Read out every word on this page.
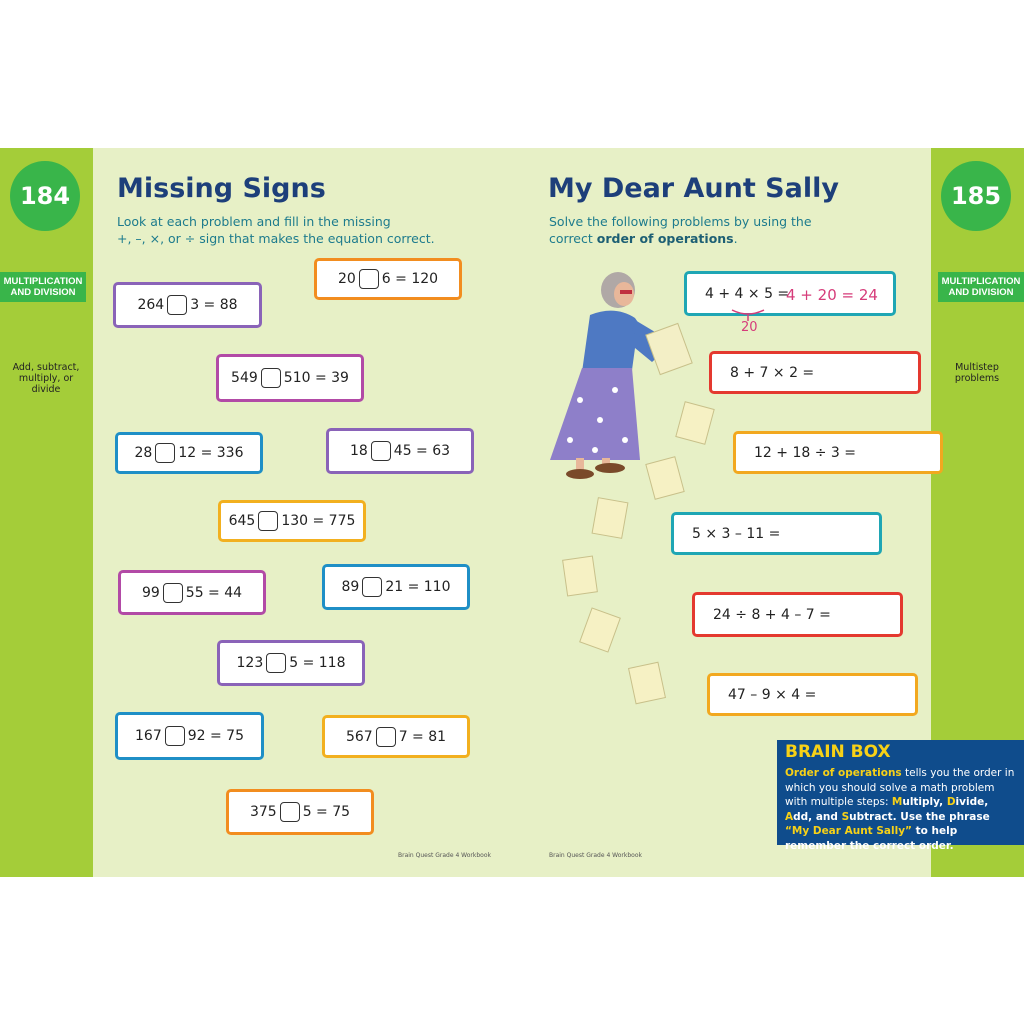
184
MULTIPLICATION AND DIVISION
Add, subtract, multiply, or divide
185
MULTIPLICATION AND DIVISION
Multistep problems
Missing Signs
Look at each problem and fill in the missing
+, –, ×, or ÷ sign that makes the equation correct.
20 6 = 120
264 3 = 88
549 510 = 39
28 12 = 336	18 45 = 63
645 130 = 775
99 55 = 44	89 21 = 110
123 5 = 118
167 92 = 75	567 7 = 81
375 5 = 75
Brain Quest Grade 4 Workbook
My Dear Aunt Sally
Solve the following problems by using the
correct order of operations.
4 + 4 × 5 =
8 + 7 × 2 =
12 + 18 ÷ 3 =
5 × 3 – 11 =
24 ÷ 8 + 4 – 7 =
47 – 9 × 4 =
4 + 20 = 24
20
Brain Quest Grade 4 Workbook
BRAIN BOX
Order of operations tells you the order in which you should solve a math problem with multiple steps: Multiply, Divide, Add, and Subtract. Use the phrase “My Dear Aunt Sally” to help remember the correct order.
